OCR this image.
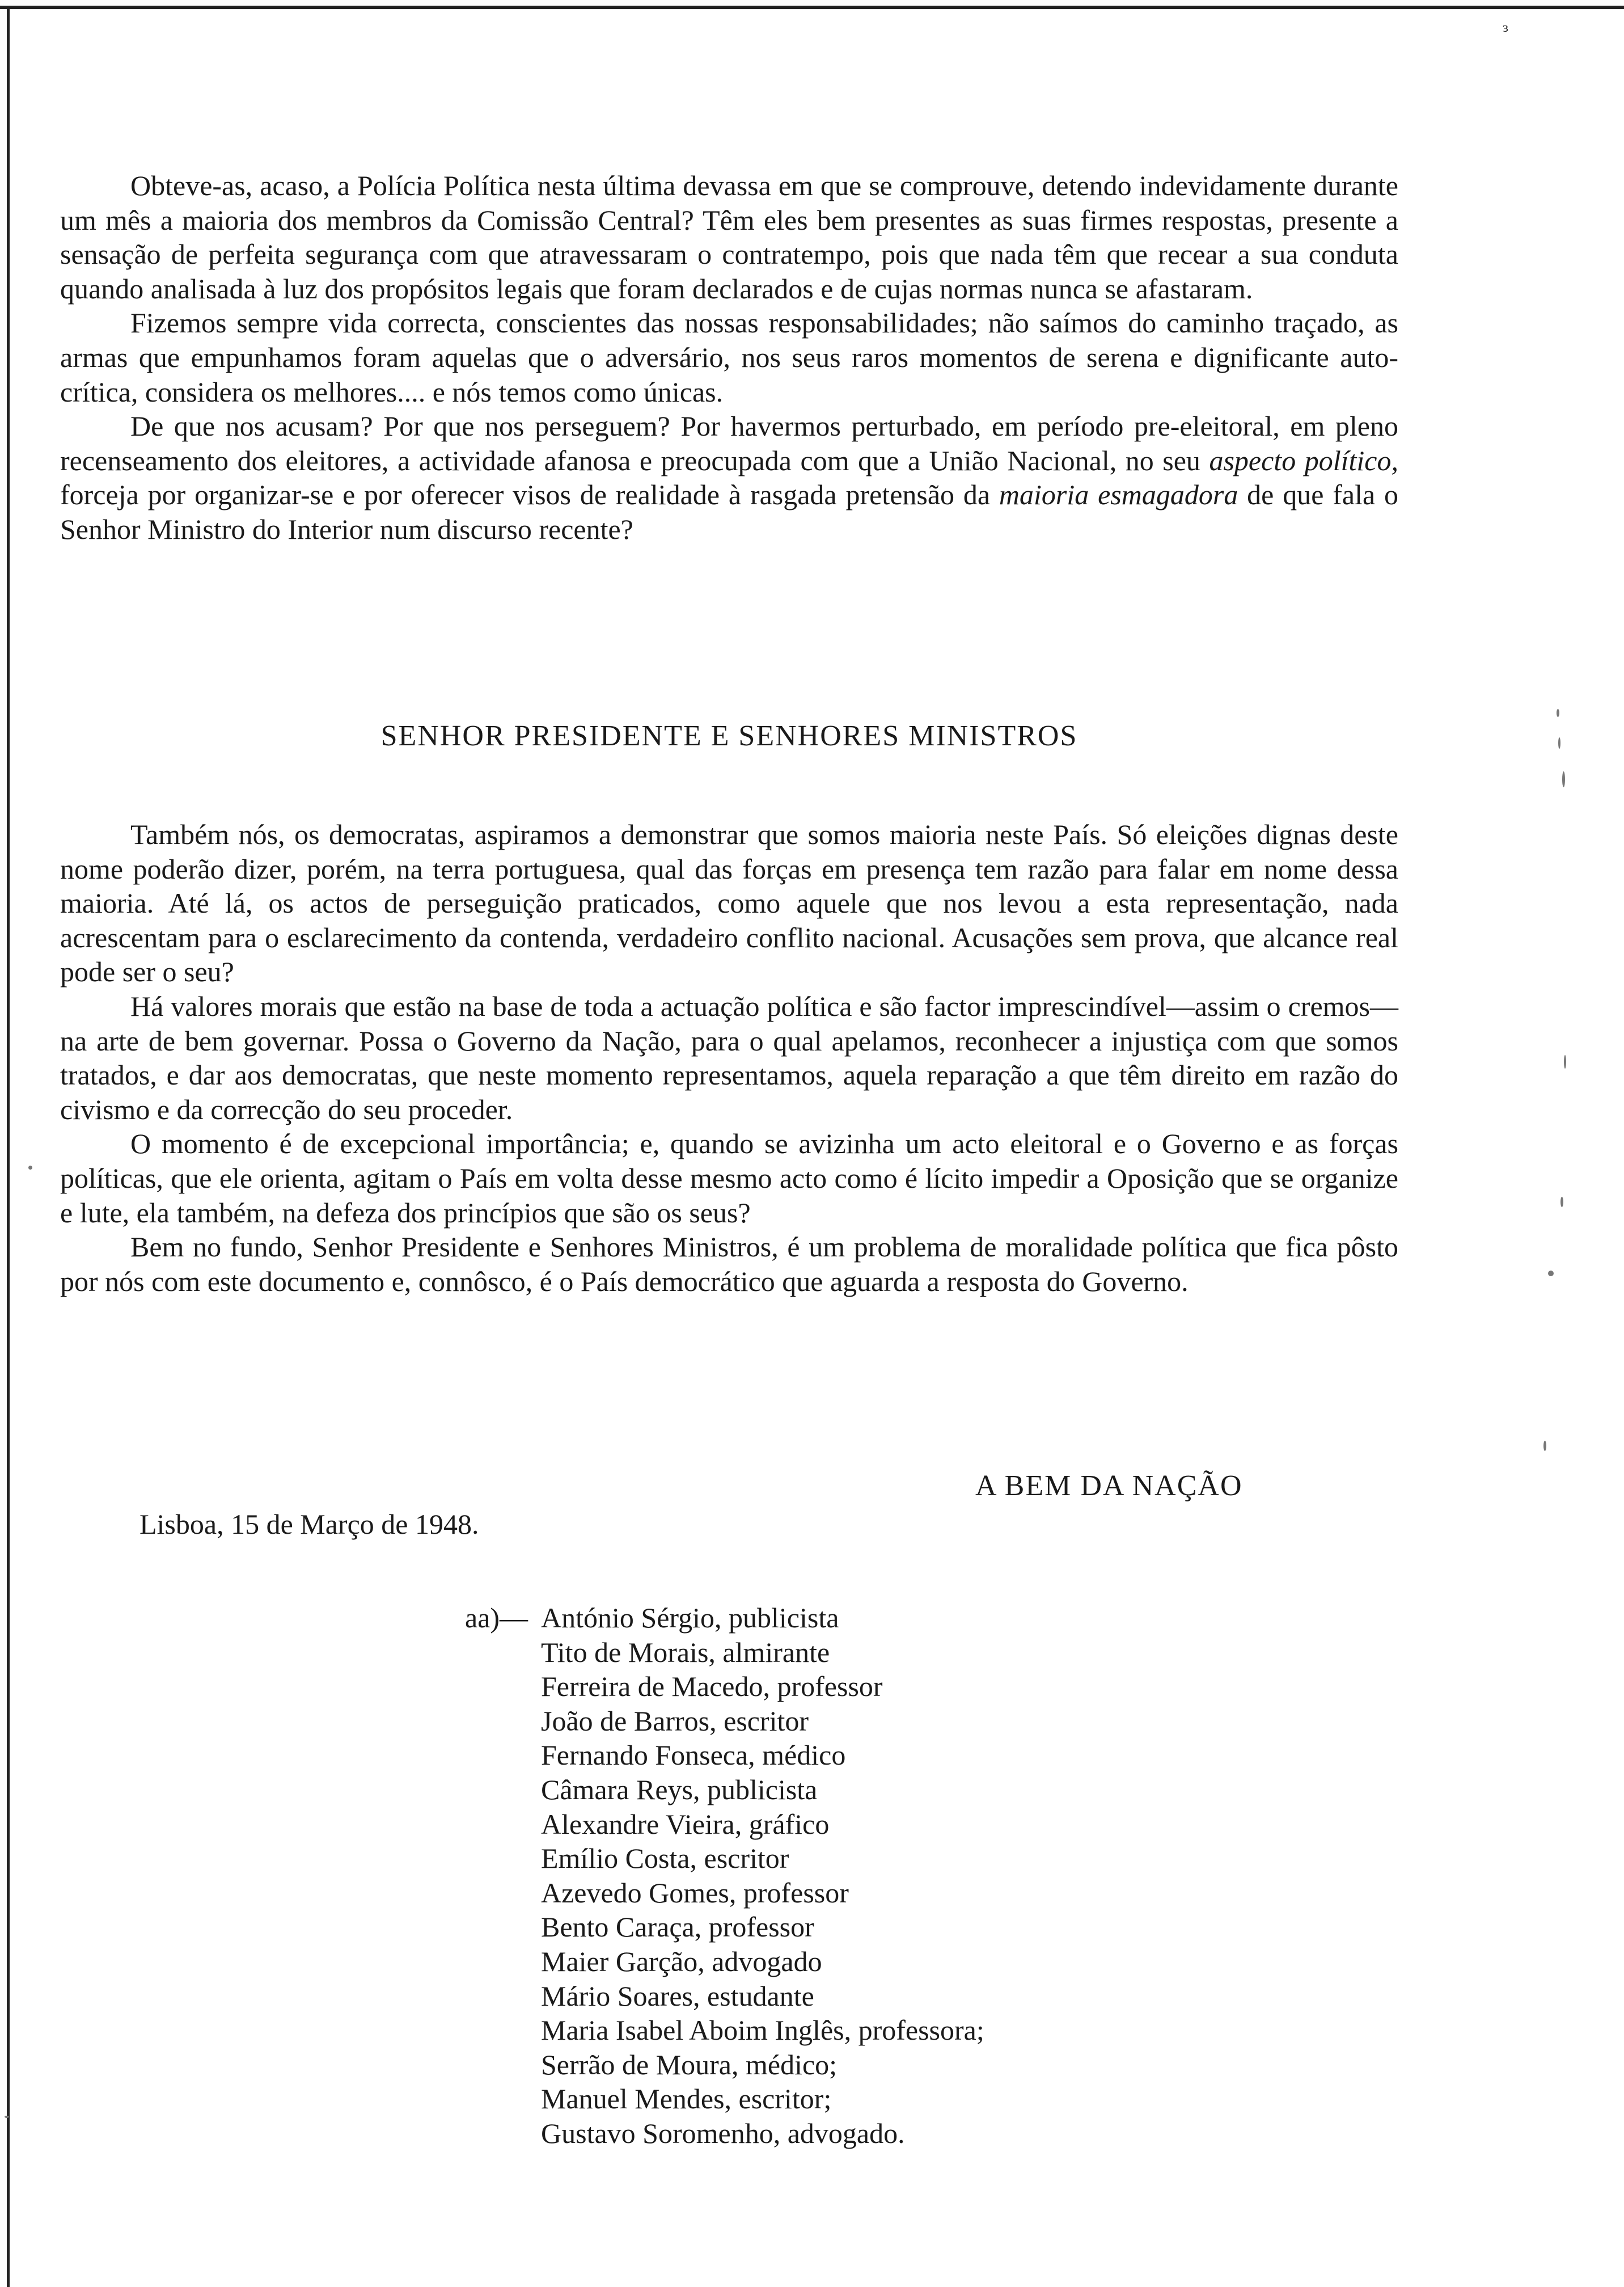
ᵌ

Obteve-as, acaso, a Polícia Política nesta última devassa em que se comprouve, detendo indevidamente durante um mês a maioria dos membros da Comissão Central? Têm eles bem presentes as suas firmes respostas, presente a sensação de perfeita segurança com que atravessaram o contratempo, pois que nada têm que recear a sua conduta quando analisada à luz dos propósitos legais que foram declarados e de cujas normas nunca se afastaram.

Fizemos sempre vida correcta, conscientes das nossas responsabilidades; não saímos do caminho traçado, as armas que empunhamos foram aquelas que o adversário, nos seus raros momentos de serena e dignificante auto-crítica, considera os melhores.... e nós temos como únicas.

De que nos acusam? Por que nos perseguem? Por havermos perturbado, em período pre-eleitoral, em pleno recenseamento dos eleitores, a actividade afanosa e preocupada com que a União Nacional, no seu aspecto político, forceja por organizar-se e por oferecer visos de realidade à rasgada pretensão da maioria esmagadora de que fala o Senhor Ministro do Interior num discurso recente?

SENHOR PRESIDENTE E SENHORES MINISTROS

Também nós, os democratas, aspiramos a demonstrar que somos maioria neste País. Só eleições dignas deste nome poderão dizer, porém, na terra portuguesa, qual das forças em presença tem razão para falar em nome dessa maioria. Até lá, os actos de perseguição praticados, como aquele que nos levou a esta representação, nada acrescentam para o esclarecimento da contenda, verdadeiro conflito nacional. Acusações sem prova, que alcance real pode ser o seu?

Há valores morais que estão na base de toda a actuação política e são factor imprescindível—assim o cremos—na arte de bem governar. Possa o Governo da Nação, para o qual apelamos, reconhecer a injustiça com que somos tratados, e dar aos democratas, que neste momento representamos, aquela reparação a que têm direito em razão do civismo e da correcção do seu proceder.

O momento é de excepcional importância; e, quando se avizinha um acto eleitoral e o Governo e as forças políticas, que ele orienta, agitam o País em volta desse mesmo acto como é lícito impedir a Oposição que se organize e lute, ela também, na defeza dos princípios que são os seus?

Bem no fundo, Senhor Presidente e Senhores Ministros, é um problema de moralidade política que fica pôsto por nós com este documento e, connôsco, é o País democrático que aguarda a resposta do Governo.

A BEM DA NAÇÃO
Lisboa, 15 de Março de 1948.
aa)— António Sérgio, publicista
Tito de Morais, almirante
Ferreira de Macedo, professor
João de Barros, escritor
Fernando Fonseca, médico
Câmara Reys, publicista
Alexandre Vieira, gráfico
Emílio Costa, escritor
Azevedo Gomes, professor
Bento Caraça, professor
Maier Garção, advogado
Mário Soares, estudante
Maria Isabel Aboim Inglês, professora;
Serrão de Moura, médico;
Manuel Mendes, escritor;
Gustavo Soromenho, advogado.
